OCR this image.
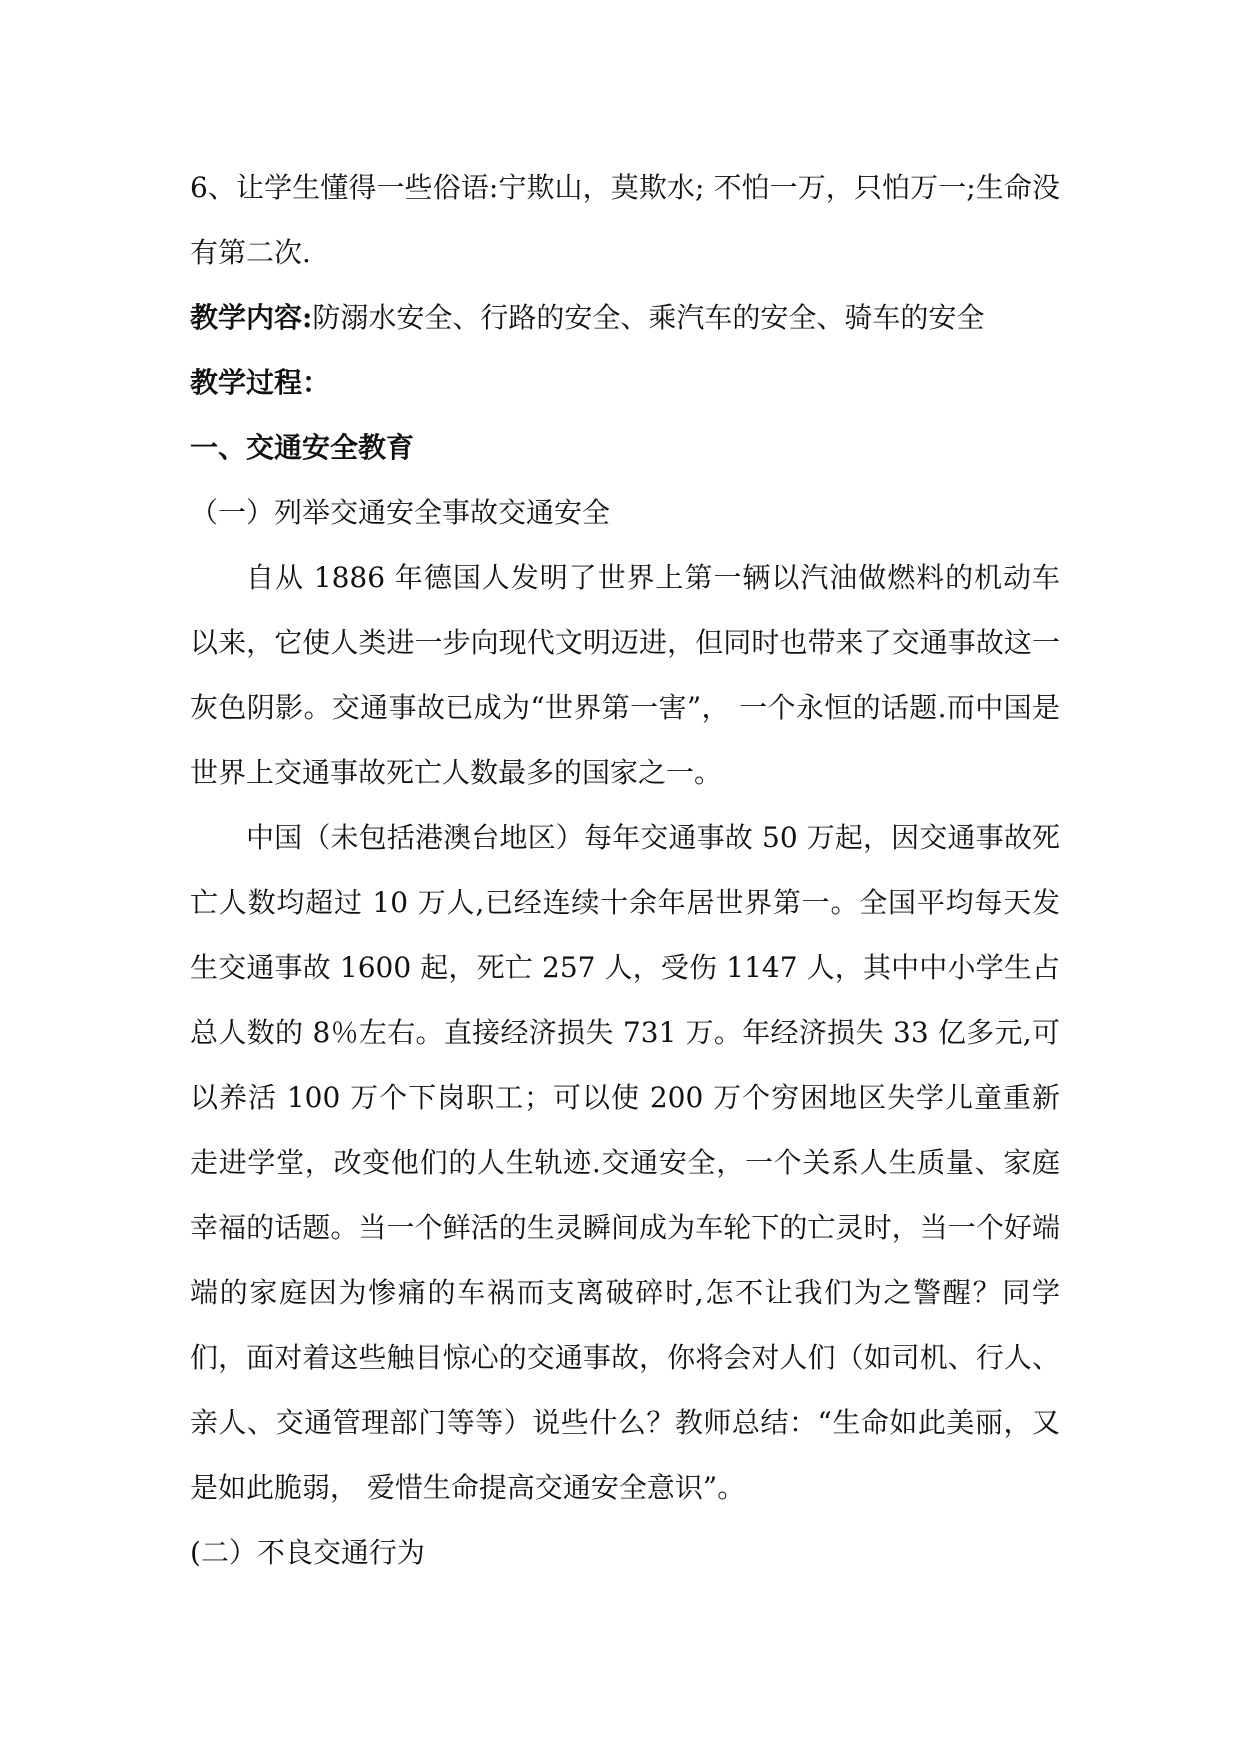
6、让学生懂得一些俗语:宁欺山，莫欺水; 不怕一万，只怕万一;生命没有第二次.

教学内容:防溺水安全、行路的安全、乘汽车的安全、骑车的安全

教学过程：

一、交通安全教育

（一）列举交通安全事故交通安全

自从 1886 年德国人发明了世界上第一辆以汽油做燃料的机动车以来，它使人类进一步向现代文明迈进，但同时也带来了交通事故这一灰色阴影。交通事故已成为“世界第一害”， 一个永恒的话题.而中国是世界上交通事故死亡人数最多的国家之一。

中国（未包括港澳台地区）每年交通事故 50 万起，因交通事故死亡人数均超过 10 万人,已经连续十余年居世界第一。全国平均每天发生交通事故 1600 起，死亡 257 人，受伤 1147 人，其中中小学生占总人数的 8％左右。直接经济损失 731 万。年经济损失 33 亿多元,可以养活 100 万个下岗职工；可以使 200 万个穷困地区失学儿童重新走进学堂，改变他们的人生轨迹.交通安全，一个关系人生质量、家庭幸福的话题。当一个鲜活的生灵瞬间成为车轮下的亡灵时，当一个好端端的家庭因为惨痛的车祸而支离破碎时,怎不让我们为之警醒？同学们，面对着这些触目惊心的交通事故，你将会对人们（如司机、行人、亲人、交通管理部门等等）说些什么？教师总结：“生命如此美丽，又是如此脆弱， 爱惜生命提高交通安全意识”。

(二）不良交通行为
